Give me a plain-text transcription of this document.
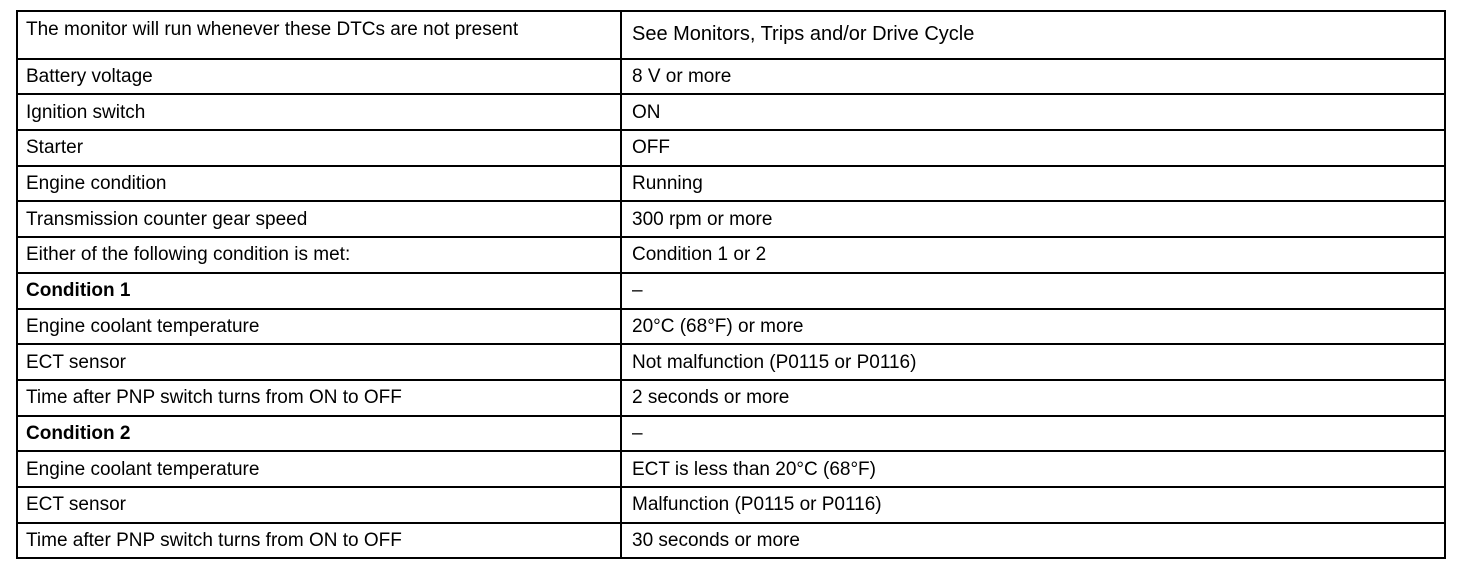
The monitor will run whenever these DTCs are not present	See Monitors, Trips and/or Drive Cycle
Battery voltage	8 V or more
Ignition switch	ON
Starter	OFF
Engine condition	Running
Transmission counter gear speed	300 rpm or more
Either of the following condition is met:	Condition 1 or 2
Condition 1	–
Engine coolant temperature	20°C (68°F) or more
ECT sensor	Not malfunction (P0115 or P0116)
Time after PNP switch turns from ON to OFF	2 seconds or more
Condition 2	–
Engine coolant temperature	ECT is less than 20°C (68°F)
ECT sensor	Malfunction (P0115 or P0116)
Time after PNP switch turns from ON to OFF	30 seconds or more
